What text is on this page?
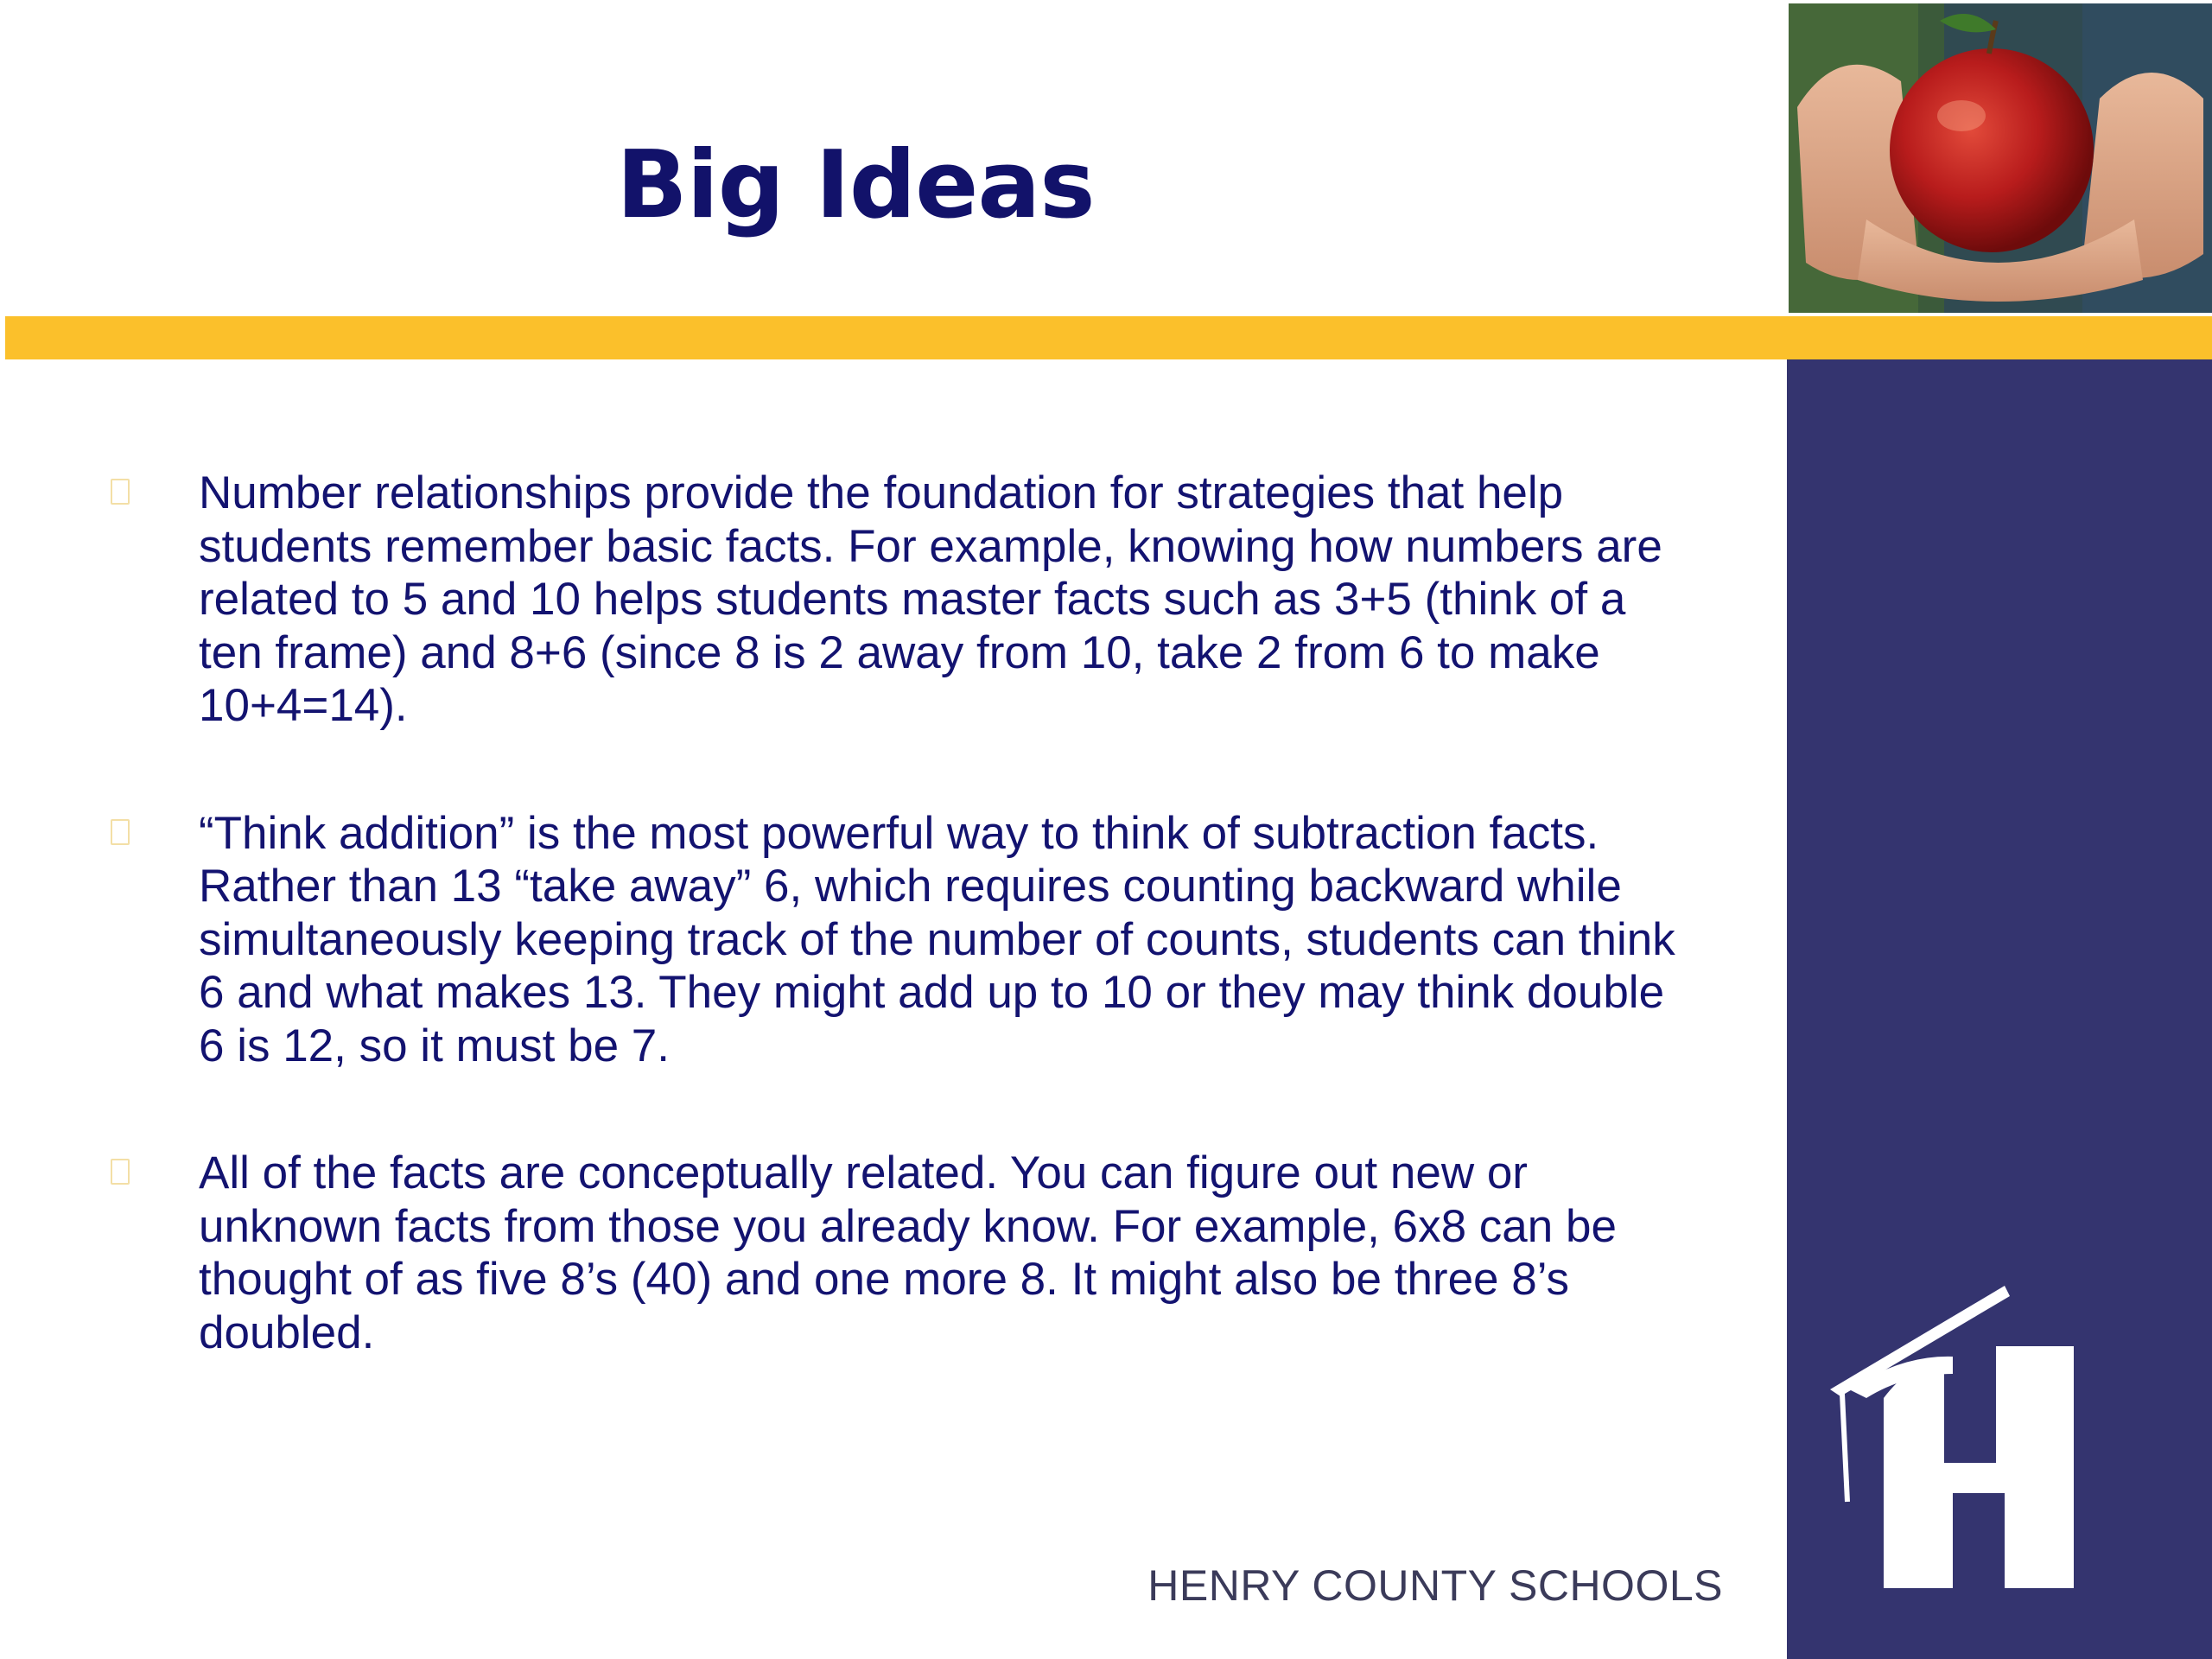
Big Ideas
Number relationships provide the foundation for strategies that help students remember basic facts. For example, knowing how numbers are related to 5 and 10 helps students master facts such as 3+5 (think of a ten frame) and 8+6 (since 8 is 2 away from 10, take 2 from 6 to make 10+4=14).
“Think addition” is the most powerful way to think of subtraction facts. Rather than 13 “take away” 6, which requires counting backward while simultaneously keeping track of the number of counts, students can think 6 and what makes 13. They might add up to 10 or they may think double 6 is 12, so it must be 7.
All of the facts are conceptually related. You can figure out new or unknown facts from those you already know. For example, 6x8 can be thought of as five 8’s (40) and one more 8. It might also be three 8’s doubled.
HENRY COUNTY SCHOOLS
